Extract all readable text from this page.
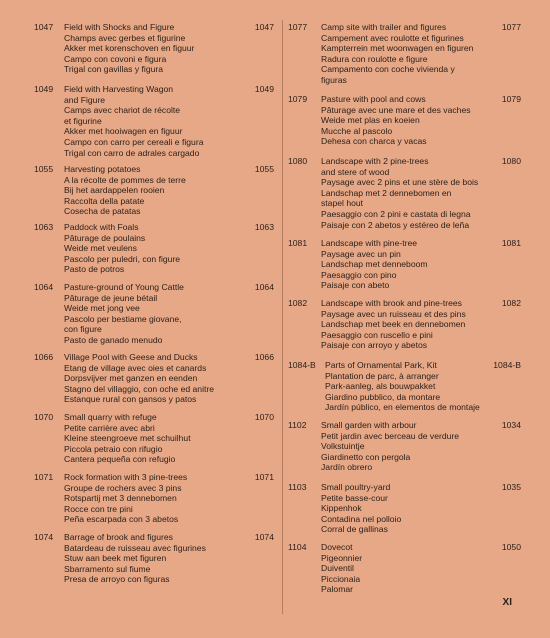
1047	1047
Field with Shocks and Figure
Champs avec gerbes et figurine
Akker met korenschoven en figuur
Campo con covoni e figura
Trigal con gavillas y figura
1049	1049
Field with Harvesting Wagon
and Figure
Camps avec chariot de récolte
et figurine
Akker met hooiwagen en figuur
Campo con carro per cereali e figura
Trigal con carro de adrales cargado
1055	1055
Harvesting potatoes
A la récolte de pommes de terre
Bij het aardappelen rooien
Raccolta della patate
Cosecha de patatas
1063	1063
Paddock with Foals
Pâturage de poulains
Weide met veulens
Pascolo per puledri, con figure
Pasto de potros
1064	1064
Pasture-ground of Young Cattle
Pâturage de jeune bétail
Weide met jong vee
Pascolo per bestiame giovane,
con figure
Pasto de ganado menudo
1066	1066
Village Pool with Geese and Ducks
Etang de village avec oies et canards
Dorpsvijver met ganzen en eenden
Stagno del villaggio, con oche ed anitre
Estanque rural con gansos y patos
1070	1070
Small quarry with refuge
Petite carrière avec abri
Kleine steengroeve met schuilhut
Piccola petraio con rifugio
Cantera pequeña con refugio
1071	1071
Rock formation with 3 pine-trees
Groupe de rochers avec 3 pins
Rotspartij met 3 dennebomen
Rocce con tre pini
Peña escarpada con 3 abetos
1074	1074
Barrage of brook and figures
Batardeau de ruisseau avec figurines
Stuw aan beek met figuren
Sbarramento sul fiume
Presa de arroyo con figuras
1077	1077
Camp site with trailer and figures
Campement avec roulotte et figurines
Kampterrein met woonwagen en figuren
Radura con roulotte e figure
Campamento con coche vivienda y
figuras
1079	1079
Pasture with pool and cows
Pâturage avec une mare et des vaches
Weide met plas en koeien
Mucche al pascolo
Dehesa con charca y vacas
1080	1080
Landscape with 2 pine-trees
and stere of wood
Paysage avec 2 pins et une stère de bois
Landschap met 2 dennebomen en
stapel hout
Paesaggio con 2 pini e castata di legna
Paisaje con 2 abetos y estéreo de leña
1081	1081
Landscape with pine-tree
Paysage avec un pin
Landschap met denneboom
Paesaggio con pino
Paisaje con abeto
1082	1082
Landscape with brook and pine-trees
Paysage avec un ruisseau et des pins
Landschap met beek en dennebomen
Paesaggio con ruscello e pini
Paisaje con arroyo y abetos
1084-B	1084-B
Parts of Ornamental Park, Kit
Plantation de parc, à arranger
Park-aanleg, als bouwpakket
Giardino pubblico, da montare
Jardín público, en elementos de montaje
1102	1034
Small garden with arbour
Petit jardin avec berceau de verdure
Volkstuintje
Giardinetto con pergola
Jardín obrero
1103	1035
Small poultry-yard
Petite basse-cour
Kippenhok
Contadina nel polloio
Corral de gallinas
1104	1050
Dovecot
Pigeonnier
Duiventil
Piccionaia
Palomar
XI
